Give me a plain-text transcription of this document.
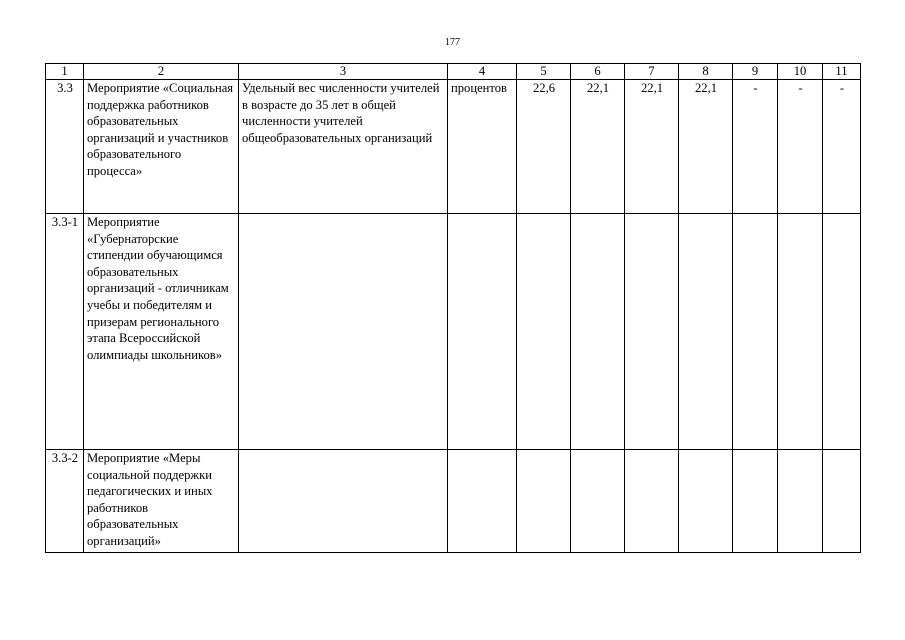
177
1	2	3	4	5	6	7	8	9	10	11
3.3	Мероприятие «Социальная поддержка работников образовательных организаций и участников образовательного процесса»	Удельный вес численности учителей в возрасте до 35 лет в общей численности учителей общеобразовательных организаций	процентов	22,6	22,1	22,1	22,1	-	-	-
3.3-1	Мероприятие «Губернаторские стипендии обучающимся образовательных организаций - отличникам учебы и победителям и призерам регионального этапа Всероссийской олимпиады школьников»									
3.3-2	Мероприятие «Меры социальной поддержки педагогических и иных работников образовательных организаций»									
